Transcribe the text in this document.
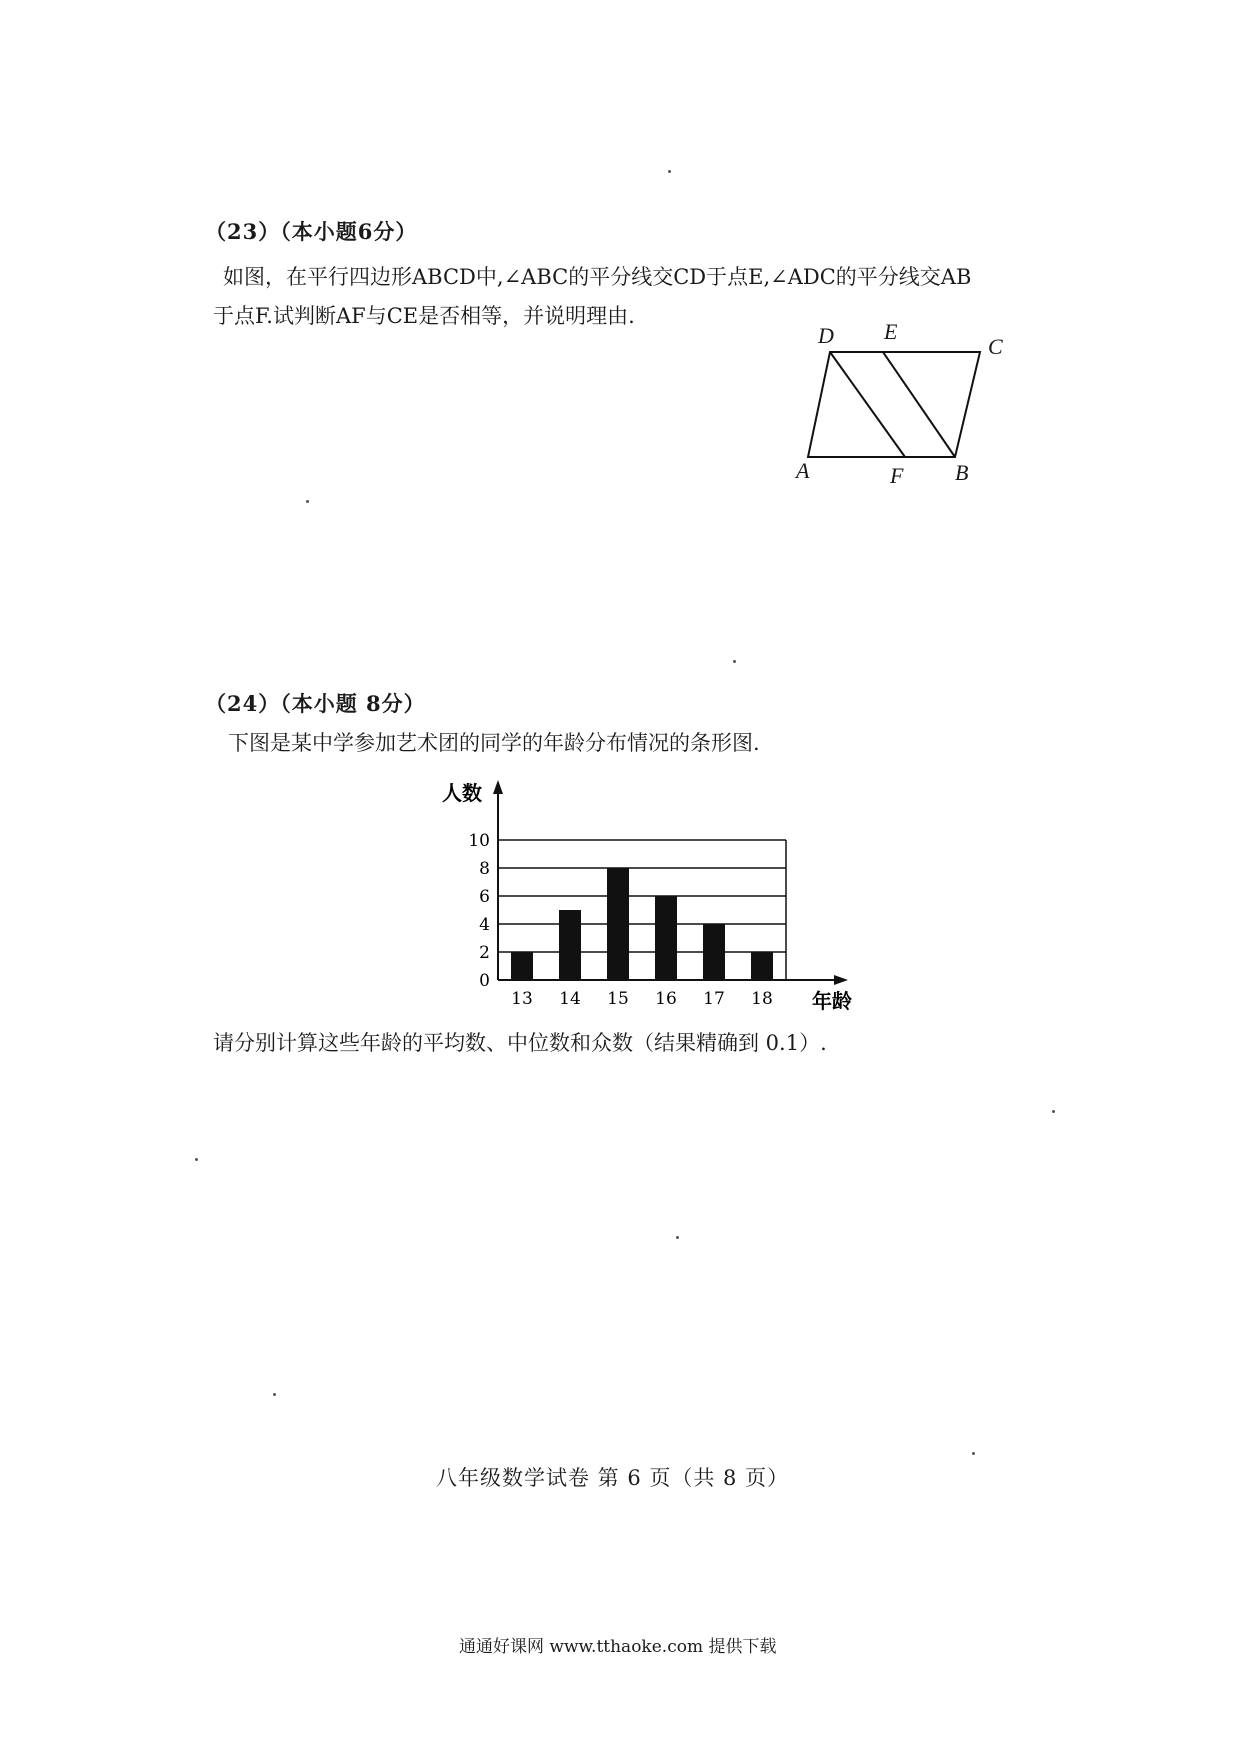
（23）（本小题6分）
如图，在平行四边形ABCD中,∠ABC的平分线交CD于点E,∠ADC的平分线交AB
于点F.试判断AF与CE是否相等，并说明理由.
D E
C
A	F B
（24）（本小题 8分）
下图是某中学参加艺术团的同学的年龄分布情况的条形图.
0
2
4
6
8
10
13 14 15 16 17 18
人数
年龄
请分别计算这些年龄的平均数、中位数和众数（结果精确到 0.1）.
八年级数学试卷 第 6 页（共 8 页）
通通好课网 www.tthaoke.com 提供下载
